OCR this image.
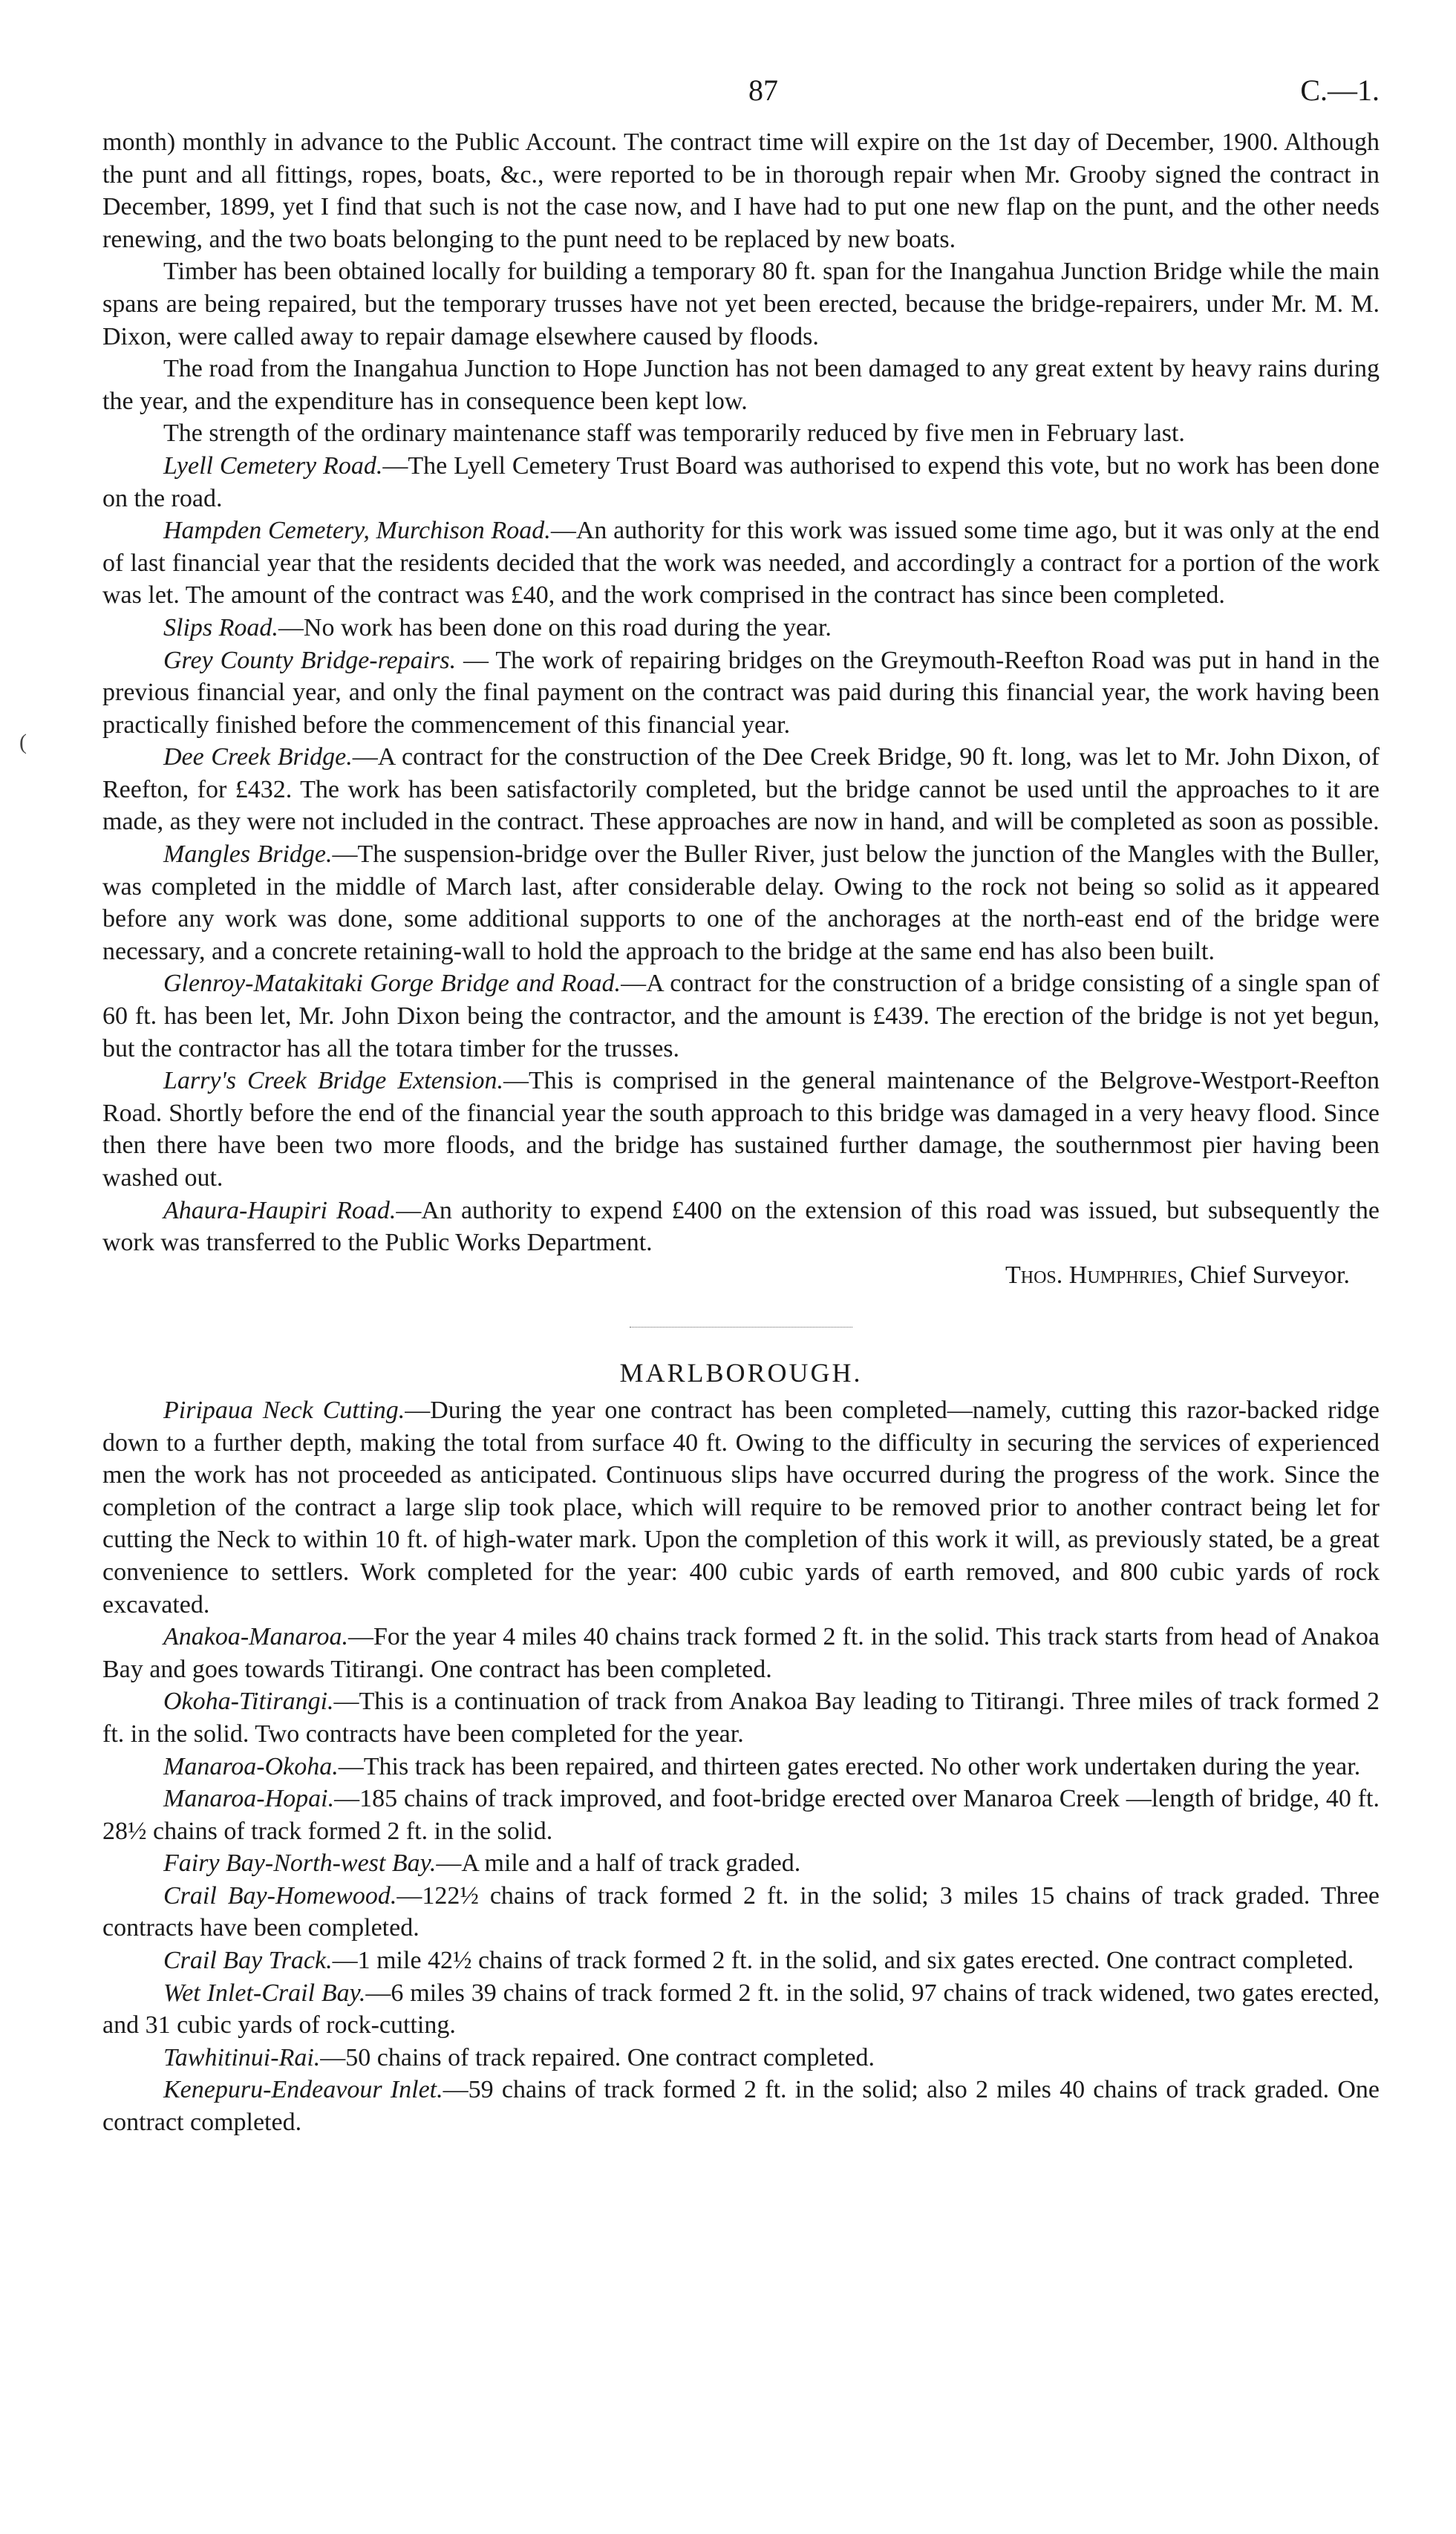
87	C.—1.
(

month) monthly in advance to the Public Account. The contract time will expire on the 1st day of December, 1900. Although the punt and all fittings, ropes, boats, &c., were reported to be in thorough repair when Mr. Grooby signed the contract in December, 1899, yet I find that such is not the case now, and I have had to put one new flap on the punt, and the other needs renewing, and the two boats belonging to the punt need to be replaced by new boats.

Timber has been obtained locally for building a temporary 80 ft. span for the Inangahua Junction Bridge while the main spans are being repaired, but the temporary trusses have not yet been erected, because the bridge-repairers, under Mr. M. M. Dixon, were called away to repair damage elsewhere caused by floods.

The road from the Inangahua Junction to Hope Junction has not been damaged to any great extent by heavy rains during the year, and the expenditure has in consequence been kept low.

The strength of the ordinary maintenance staff was temporarily reduced by five men in February last.

Lyell Cemetery Road.—The Lyell Cemetery Trust Board was authorised to expend this vote, but no work has been done on the road.

Hampden Cemetery, Murchison Road.—An authority for this work was issued some time ago, but it was only at the end of last financial year that the residents decided that the work was needed, and accordingly a contract for a portion of the work was let. The amount of the contract was £40, and the work comprised in the contract has since been completed.

Slips Road.—No work has been done on this road during the year.

Grey County Bridge-repairs. — The work of repairing bridges on the Greymouth-Reefton Road was put in hand in the previous financial year, and only the final payment on the contract was paid during this financial year, the work having been practically finished before the commencement of this financial year.

Dee Creek Bridge.—A contract for the construction of the Dee Creek Bridge, 90 ft. long, was let to Mr. John Dixon, of Reefton, for £432. The work has been satisfactorily completed, but the bridge cannot be used until the approaches to it are made, as they were not included in the contract. These approaches are now in hand, and will be completed as soon as possible.

Mangles Bridge.—The suspension-bridge over the Buller River, just below the junction of the Mangles with the Buller, was completed in the middle of March last, after considerable delay. Owing to the rock not being so solid as it appeared before any work was done, some additional supports to one of the anchorages at the north-east end of the bridge were necessary, and a concrete retaining-wall to hold the approach to the bridge at the same end has also been built.

Glenroy-Matakitaki Gorge Bridge and Road.—A contract for the construction of a bridge consisting of a single span of 60 ft. has been let, Mr. John Dixon being the contractor, and the amount is £439. The erection of the bridge is not yet begun, but the contractor has all the totara timber for the trusses.

Larry's Creek Bridge Extension.—This is comprised in the general maintenance of the Belgrove-Westport-Reefton Road. Shortly before the end of the financial year the south approach to this bridge was damaged in a very heavy flood. Since then there have been two more floods, and the bridge has sustained further damage, the southernmost pier having been washed out.

Ahaura-Haupiri Road.—An authority to expend £400 on the extension of this road was issued, but subsequently the work was transferred to the Public Works Department.

Thos. Humphries, Chief Surveyor.

MARLBOROUGH.

Piripaua Neck Cutting.—During the year one contract has been completed—namely, cutting this razor-backed ridge down to a further depth, making the total from surface 40 ft. Owing to the difficulty in securing the services of experienced men the work has not proceeded as anticipated. Continuous slips have occurred during the progress of the work. Since the completion of the contract a large slip took place, which will require to be removed prior to another contract being let for cutting the Neck to within 10 ft. of high-water mark. Upon the completion of this work it will, as previously stated, be a great convenience to settlers. Work completed for the year: 400 cubic yards of earth removed, and 800 cubic yards of rock excavated.

Anakoa-Manaroa.—For the year 4 miles 40 chains track formed 2 ft. in the solid. This track starts from head of Anakoa Bay and goes towards Titirangi. One contract has been completed.

Okoha-Titirangi.—This is a continuation of track from Anakoa Bay leading to Titirangi. Three miles of track formed 2 ft. in the solid. Two contracts have been completed for the year.

Manaroa-Okoha.—This track has been repaired, and thirteen gates erected. No other work undertaken during the year.

Manaroa-Hopai.—185 chains of track improved, and foot-bridge erected over Manaroa Creek —length of bridge, 40 ft. 28½ chains of track formed 2 ft. in the solid.

Fairy Bay-North-west Bay.—A mile and a half of track graded.

Crail Bay-Homewood.—122½ chains of track formed 2 ft. in the solid; 3 miles 15 chains of track graded. Three contracts have been completed.

Crail Bay Track.—1 mile 42½ chains of track formed 2 ft. in the solid, and six gates erected. One contract completed.

Wet Inlet-Crail Bay.—6 miles 39 chains of track formed 2 ft. in the solid, 97 chains of track widened, two gates erected, and 31 cubic yards of rock-cutting.

Tawhitinui-Rai.—50 chains of track repaired. One contract completed.

Kenepuru-Endeavour Inlet.—59 chains of track formed 2 ft. in the solid; also 2 miles 40 chains of track graded. One contract completed.
